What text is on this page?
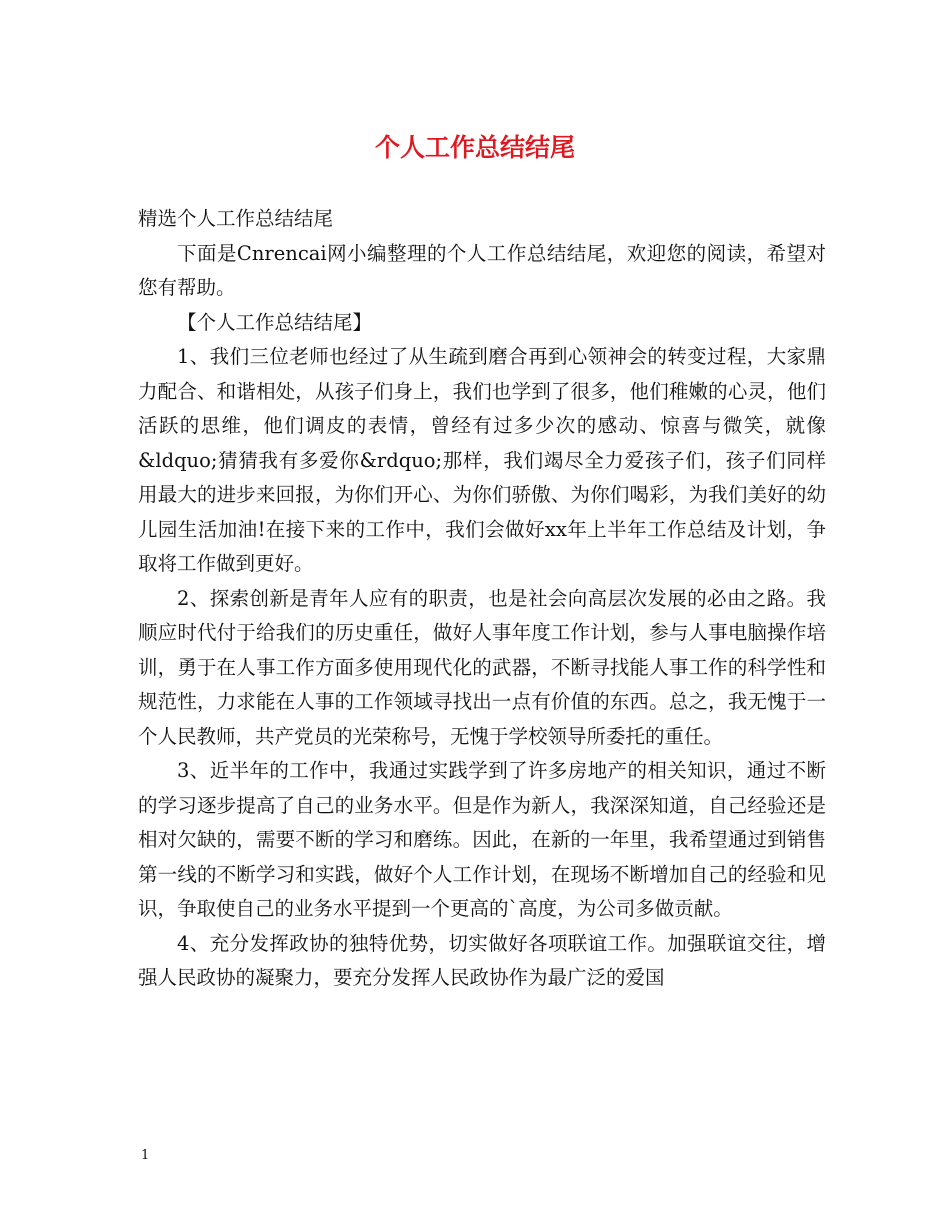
个人工作总结结尾

精选个人工作总结结尾

下面是Cnrencai网小编整理的个人工作总结结尾，欢迎您的阅读，希望对您有帮助。

【个人工作总结结尾】

1、我们三位老师也经过了从生疏到磨合再到心领神会的转变过程，大家鼎力配合、和谐相处，从孩子们身上，我们也学到了很多，他们稚嫩的心灵，他们活跃的思维，他们调皮的表情，曾经有过多少次的感动、惊喜与微笑，就像&ldquo;猜猜我有多爱你&rdquo;那样，我们竭尽全力爱孩子们，孩子们同样用最大的进步来回报，为你们开心、为你们骄傲、为你们喝彩，为我们美好的幼儿园生活加油!在接下来的工作中，我们会做好xx年上半年工作总结及计划，争取将工作做到更好。

2、探索创新是青年人应有的职责，也是社会向高层次发展的必由之路。我顺应时代付于给我们的历史重任，做好人事年度工作计划，参与人事电脑操作培训，勇于在人事工作方面多使用现代化的武器，不断寻找能人事工作的科学性和规范性，力求能在人事的工作领域寻找出一点有价值的东西。总之，我无愧于一个人民教师，共产党员的光荣称号，无愧于学校领导所委托的重任。

3、近半年的工作中，我通过实践学到了许多房地产的相关知识，通过不断的学习逐步提高了自己的业务水平。但是作为新人，我深深知道，自己经验还是相对欠缺的，需要不断的学习和磨练。因此，在新的一年里，我希望通过到销售第一线的不断学习和实践，做好个人工作计划，在现场不断增加自己的经验和见识，争取使自己的业务水平提到一个更高的`高度，为公司多做贡献。

4、充分发挥政协的独特优势，切实做好各项联谊工作。加强联谊交往，增强人民政协的凝聚力，要充分发挥人民政协作为最广泛的爱国

1
